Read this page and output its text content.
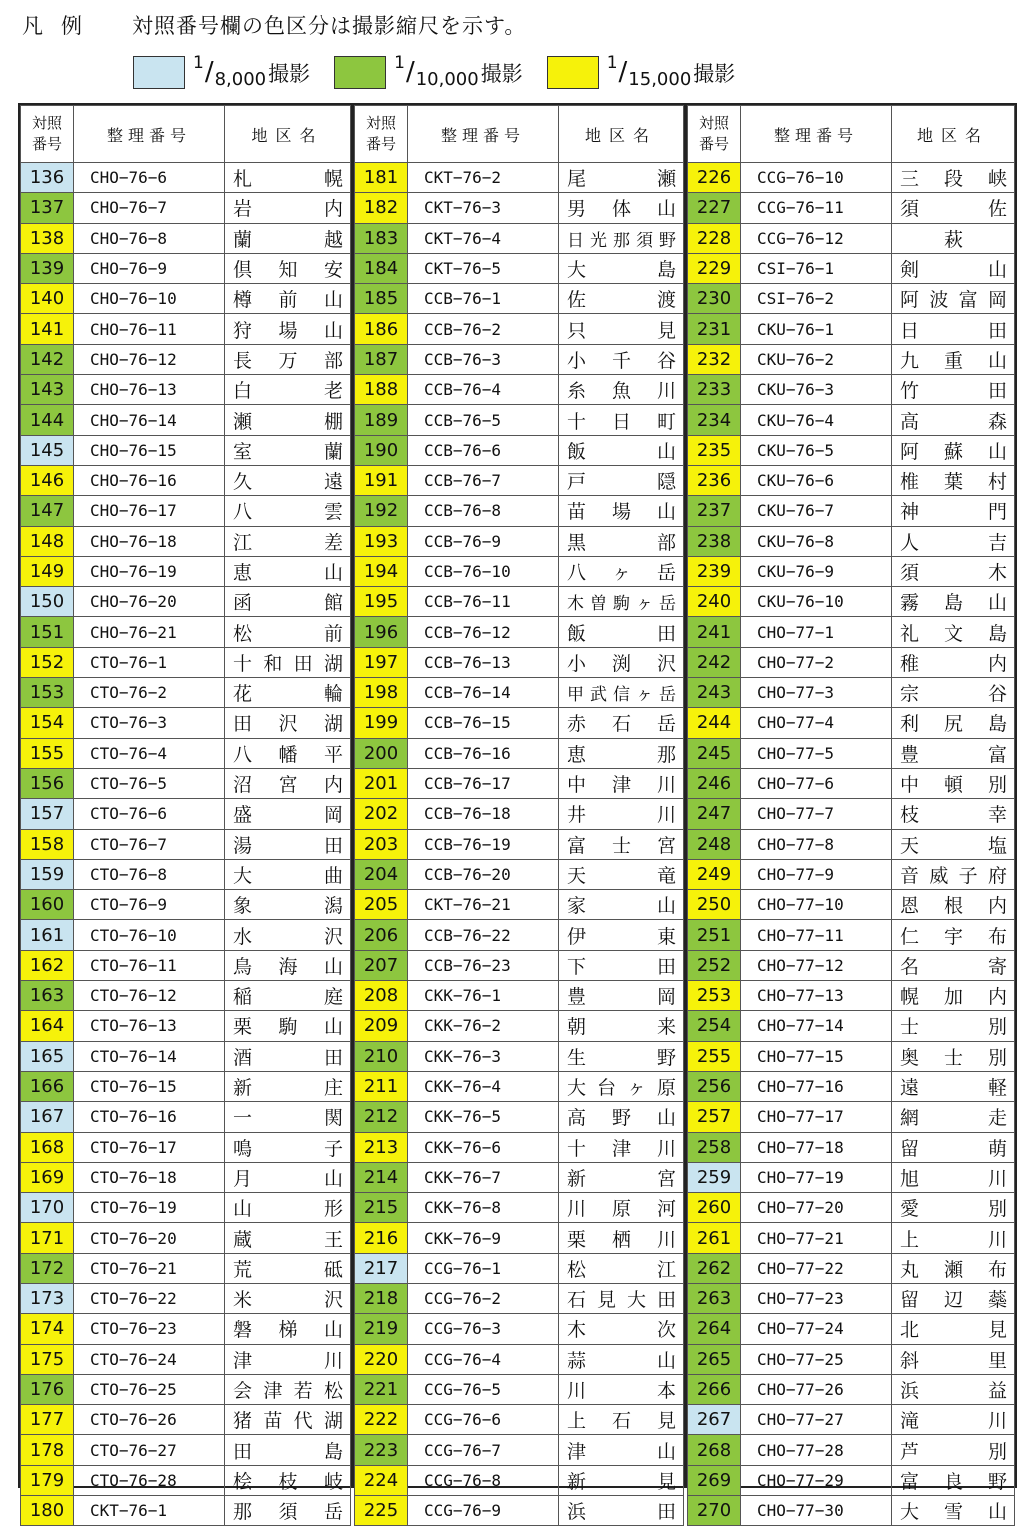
凡例	対照番号欄の色区分は撮影縮尺を示す。
1 / 8,000 撮影	1 / 10,000 撮影	1 / 15,000 撮影
対照
番号	整理番号	地区名
136	CHO−76−6	札 幌

137	CHO−76−7	岩 内

138	CHO−76−8	蘭 越

139	CHO−76−9	倶 知 安

140	CHO−76−10	樽 前 山

141	CHO−76−11	狩 場 山

142	CHO−76−12	長 万 部

143	CHO−76−13	白 老

144	CHO−76−14	瀬 棚

145	CHO−76−15	室 蘭

146	CHO−76−16	久 遠

147	CHO−76−17	八 雲

148	CHO−76−18	江 差

149	CHO−76−19	恵 山

150	CHO−76−20	函 館

151	CHO−76−21	松 前

152	CTO−76−1	十 和 田 湖

153	CTO−76−2	花 輪

154	CTO−76−3	田 沢 湖

155	CTO−76−4	八 幡 平

156	CTO−76−5	沼 宮 内

157	CTO−76−6	盛 岡

158	CTO−76−7	湯 田

159	CTO−76−8	大 曲

160	CTO−76−9	象 潟

161	CTO−76−10	水 沢

162	CTO−76−11	鳥 海 山

163	CTO−76−12	稲 庭

164	CTO−76−13	栗 駒 山

165	CTO−76−14	酒 田

166	CTO−76−15	新 庄

167	CTO−76−16	一 関

168	CTO−76−17	鳴 子

169	CTO−76−18	月 山

170	CTO−76−19	山 形

171	CTO−76−20	蔵 王

172	CTO−76−21	荒 砥

173	CTO−76−22	米 沢

174	CTO−76−23	磐 梯 山

175	CTO−76−24	津 川

176	CTO−76−25	会 津 若 松

177	CTO−76−26	猪 苗 代 湖

178	CTO−76−27	田 島

179	CTO−76−28	桧 枝 岐

180	CKT−76−1	那 須 岳
対照
番号	整理番号	地区名
181	CKT−76−2	尾 瀬

182	CKT−76−3	男 体 山

183	CKT−76−4	日 光 那 須 野

184	CKT−76−5	大 島

185	CCB−76−1	佐 渡

186	CCB−76−2	只 見

187	CCB−76−3	小 千 谷

188	CCB−76−4	糸 魚 川

189	CCB−76−5	十 日 町

190	CCB−76−6	飯 山

191	CCB−76−7	戸 隠

192	CCB−76−8	苗 場 山

193	CCB−76−9	黒 部

194	CCB−76−10	八 ヶ 岳

195	CCB−76−11	木 曽 駒 ヶ 岳

196	CCB−76−12	飯 田

197	CCB−76−13	小 渕 沢

198	CCB−76−14	甲 武 信 ヶ 岳

199	CCB−76−15	赤 石 岳

200	CCB−76−16	恵 那

201	CCB−76−17	中 津 川

202	CCB−76−18	井 川

203	CCB−76−19	富 士 宮

204	CCB−76−20	天 竜

205	CKT−76−21	家 山

206	CCB−76−22	伊 東

207	CCB−76−23	下 田

208	CKK−76−1	豊 岡

209	CKK−76−2	朝 来

210	CKK−76−3	生 野

211	CKK−76−4	大 台 ヶ 原

212	CKK−76−5	高 野 山

213	CKK−76−6	十 津 川

214	CKK−76−7	新 宮

215	CKK−76−8	川 原 河

216	CKK−76−9	栗 栖 川

217	CCG−76−1	松 江

218	CCG−76−2	石 見 大 田

219	CCG−76−3	木 次

220	CCG−76−4	蒜 山

221	CCG−76−5	川 本

222	CCG−76−6	上 石 見

223	CCG−76−7	津 山

224	CCG−76−8	新 見

225	CCG−76−9	浜 田
対照
番号	整理番号	地区名
226	CCG−76−10	三 段 峡

227	CCG−76−11	須 佐

228	CCG−76−12	萩

229	CSI−76−1	剣 山

230	CSI−76−2	阿 波 富 岡

231	CKU−76−1	日 田

232	CKU−76−2	九 重 山

233	CKU−76−3	竹 田

234	CKU−76−4	高 森

235	CKU−76−5	阿 蘇 山

236	CKU−76−6	椎 葉 村

237	CKU−76−7	神 門

238	CKU−76−8	人 吉

239	CKU−76−9	須 木

240	CKU−76−10	霧 島 山

241	CHO−77−1	礼 文 島

242	CHO−77−2	稚 内

243	CHO−77−3	宗 谷

244	CHO−77−4	利 尻 島

245	CHO−77−5	豊 富

246	CHO−77−6	中 頓 別

247	CHO−77−7	枝 幸

248	CHO−77−8	天 塩

249	CHO−77−9	音 威 子 府

250	CHO−77−10	恩 根 内

251	CHO−77−11	仁 宇 布

252	CHO−77−12	名 寄

253	CHO−77−13	幌 加 内

254	CHO−77−14	士 別

255	CHO−77−15	奥 士 別

256	CHO−77−16	遠 軽

257	CHO−77−17	網 走

258	CHO−77−18	留 萌

259	CHO−77−19	旭 川

260	CHO−77−20	愛 別

261	CHO−77−21	上 川

262	CHO−77−22	丸 瀬 布

263	CHO−77−23	留 辺 蘂

264	CHO−77−24	北 見

265	CHO−77−25	斜 里

266	CHO−77−26	浜 益

267	CHO−77−27	滝 川

268	CHO−77−28	芦 別

269	CHO−77−29	富 良 野

270	CHO−77−30	大 雪 山
